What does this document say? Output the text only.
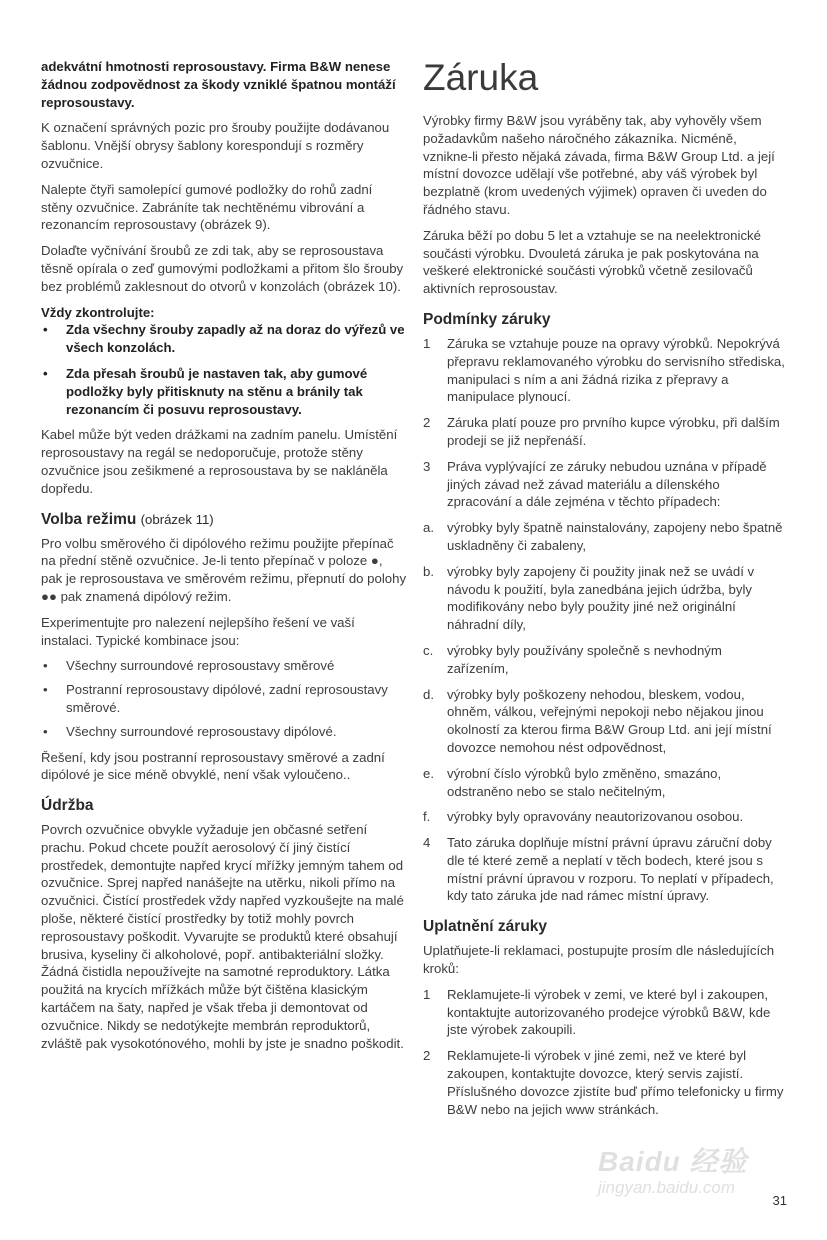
adekvátní hmotnosti reprosoustavy. Firma B&W nenese žádnou zodpovědnost za škody vzniklé špatnou montáží reprosoustavy.

K označení správných pozic pro šrouby použijte dodávanou šablonu. Vnější obrysy šablony korespondují s rozměry ozvučnice.

Nalepte čtyři samolepící gumové podložky do rohů zadní stěny ozvučnice. Zabráníte tak nechtěnému vibrování a rezonancím reprosoustavy (obrázek 9).

Dolaďte vyčnívání šroubů ze zdi tak, aby se reprosoustava těsně opírala o zeď gumovými podložkami a přitom šlo šrouby bez problémů zaklesnout do otvorů v konzolách (obrázek 10).

Vždy zkontrolujte:

• Zda všechny šrouby zapadly až na doraz do výřezů ve všech konzolách.
• Zda přesah šroubů je nastaven tak, aby gumové podložky byly přitisknuty na stěnu a bránily tak rezonancím či posuvu reprosoustavy.

Kabel může být veden drážkami na zadním panelu. Umístění reprosoustavy na regál se nedoporučuje, protože stěny ozvučnice jsou zešikmené a reprosoustava by se nakláněla dopředu.

Volba režimu (obrázek 11)

Pro volbu směrového či dipólového režimu použijte přepínač na přední stěně ozvučnice. Je-li tento přepínač v poloze ●, pak je reprosoustava ve směrovém režimu, přepnutí do polohy ●● pak znamená dipólový režim.

Experimentujte pro nalezení nejlepšího řešení ve vaší instalaci. Typické kombinace jsou:

• Všechny surroundové reprosoustavy směrové
• Postranní reprosoustavy dipólové, zadní reprosoustavy směrové.
• Všechny surroundové reprosoustavy dipólové.

Řešení, kdy jsou postranní reprosoustavy směrové a zadní dipólové je sice méně obvyklé, není však vyloučeno..

Údržba

Povrch ozvučnice obvykle vyžaduje jen občasné setření prachu. Pokud chcete použít aerosolový čí jiný čistící prostředek, demontujte napřed krycí mřížky jemným tahem od ozvučnice. Sprej napřed nanášejte na utěrku, nikoli přímo na ozvučnici. Čistící prostředek vždy napřed vyzkoušejte na malé ploše, některé čistící prostředky by totiž mohly povrch reprosoustavy poškodit. Vyvarujte se produktů které obsahují brusiva, kyseliny či alkoholové, popř. antibakteriální složky. Žádná čistidla nepoužívejte na samotné reproduktory. Látka použitá na krycích mřížkách může být čištěna klasickým kartáčem na šaty, napřed je však třeba ji demontovat od ozvučnice. Nikdy se nedotýkejte membrán reproduktorů, zvláště pak vysokotónového, mohli by jste je snadno poškodit.

Záruka

Výrobky firmy B&W jsou vyráběny tak, aby vyhověly všem požadavkům našeho náročného zákazníka. Nicméně, vznikne-li přesto nějaká závada, firma B&W Group Ltd. a její místní dovozce udělají vše potřebné, aby váš výrobek byl bezplatně (krom uvedených výjimek) opraven či uveden do řádného stavu.

Záruka běží po dobu 5 let a vztahuje se na neelektronické součásti výrobku. Dvouletá záruka je pak poskytována na veškeré elektronické součásti výrobků včetně zesilovačů aktivních reprosoustav.

Podmínky záruky
1 Záruka se vztahuje pouze na opravy výrobků. Nepokrývá přepravu reklamovaného výrobku do servisního střediska, manipulaci s ním a ani žádná rizika z přepravy a manipulace plynoucí.
2 Záruka platí pouze pro prvního kupce výrobku, při dalším prodeji se již nepřenáší.
3 Práva vyplývající ze záruky nebudou uznána v případě jiných závad než závad materiálu a dílenského zpracování a dále zejména v těchto případech:
a. výrobky byly špatně nainstalovány, zapojeny nebo špatně uskladněny či zabaleny,
b. výrobky byly zapojeny či použity jinak než se uvádí v návodu k použití, byla zanedbána jejich údržba, byly modifikovány nebo byly použity jiné než originální náhradní díly,
c. výrobky byly používány společně s nevhodným zařízením,
d. výrobky byly poškozeny nehodou, bleskem, vodou, ohněm, válkou, veřejnými nepokoji nebo nějakou jinou okolností za kterou firma B&W Group Ltd. ani její místní dovozce nemohou nést odpovědnost,
e. výrobní číslo výrobků bylo změněno, smazáno, odstraněno nebo se stalo nečitelným,
f. výrobky byly opravovány neautorizovanou osobou.
4 Tato záruka doplňuje místní právní úpravu záruční doby dle té které země a neplatí v těch bodech, které jsou s místní právní úpravou v rozporu. To neplatí v případech, kdy tato záruka jde nad rámec místní úpravy.
Uplatnění záruky

Uplatňujete-li reklamaci, postupujte prosím dle následujících kroků:

1 Reklamujete-li výrobek v zemi, ve které byl i zakoupen, kontaktujte autorizovaného prodejce výrobků B&W, kde jste výrobek zakoupili.
2 Reklamujete-li výrobek v jiné zemi, než ve které byl zakoupen, kontaktujte dovozce, který servis zajistí. Příslušného dovozce zjistíte buď přímo telefonicky u firmy B&W nebo na jejich www stránkách.
Baidu 经验
jingyan.baidu.com
31
